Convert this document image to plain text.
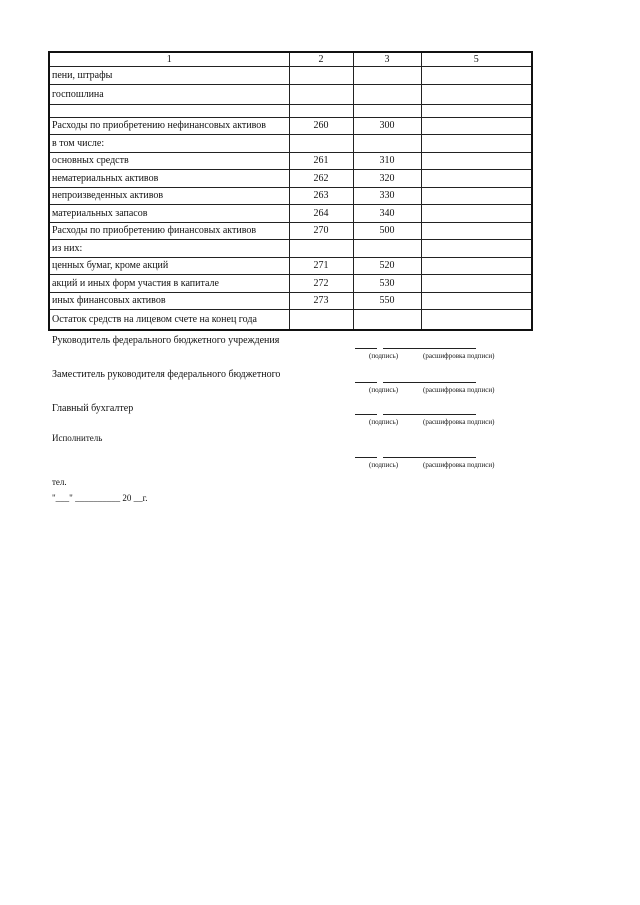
1	2	3	5
пени, штрафы			
госпошлина			

Расходы по приобретению нефинансовых активов	260	300	
в том числе:			
основных средств	261	310	
нематериальных активов	262	320	
непроизведенных активов	263	330	
материальных запасов	264	340	
Расходы по приобретению финансовых активов	270	500	
из них:			
ценных бумаг, кроме акций	271	520	
акций и иных форм участия в капитале	272	530	
иных финансовых активов	273	550	
Остаток средств на лицевом счете на конец года			
Руководитель федерального бюджетного учреждения
(подпись)	(расшифровка подписи)
Заместитель руководителя федерального бюджетного
(подпись)	(расшифровка подписи)
Главный бухгалтер
(подпись)	(расшифровка подписи)
Исполнитель
(подпись)	(расшифровка подписи)
тел.
"___" __________ 20 __г.
